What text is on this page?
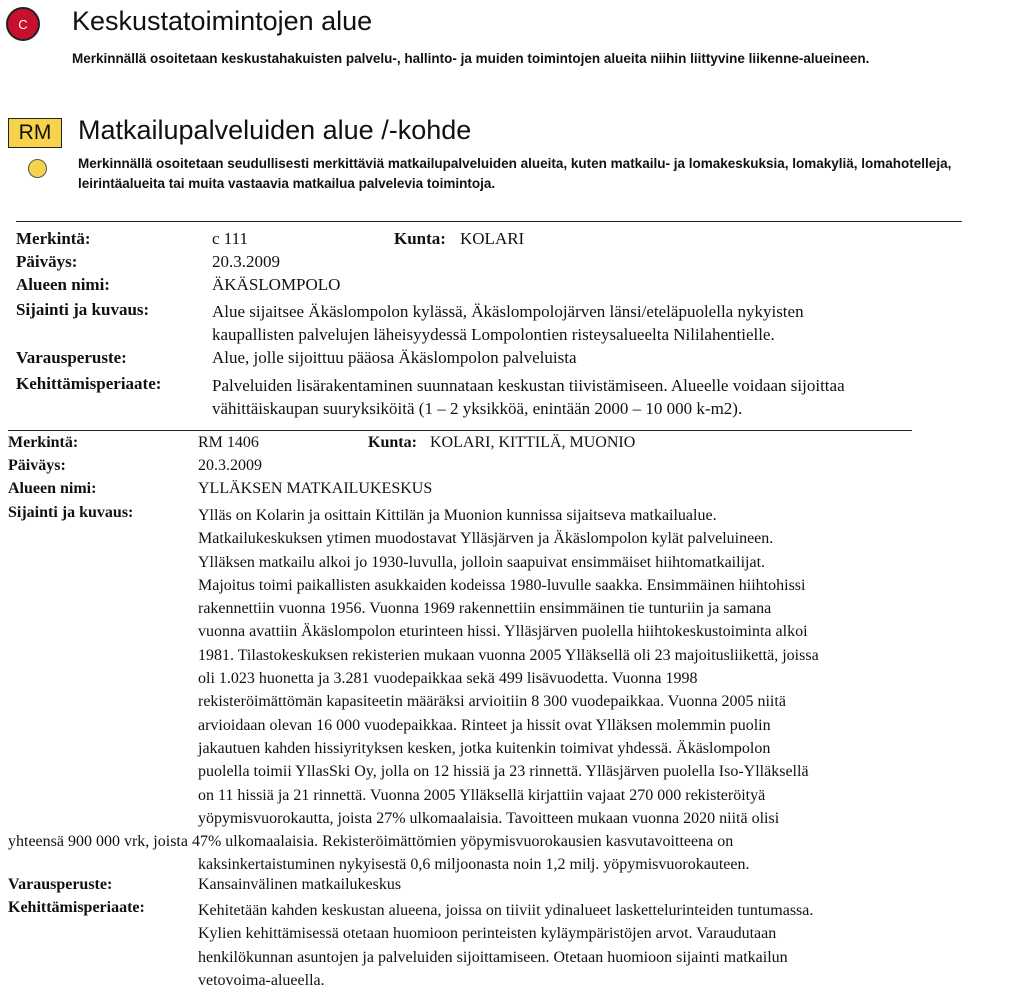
C	Keskustatoimintojen alue
Merkinnällä osoitetaan keskustahakuisten palvelu-, hallinto- ja muiden toimintojen alueita niihin liittyvine liikenne-alueineen.
RM Matkailupalveluiden alue /-kohde
Merkinnällä osoitetaan seudullisesti merkittäviä matkailupalveluiden alueita, kuten matkailu- ja lomakeskuksia, lomakyliä, lomahotelleja, leirintäalueita tai muita vastaavia matkailua palvelevia toimintoja.
Merkintä:	c 111	Kunta: KOLARI
Päiväys:	20.3.2009
Alueen nimi:	ÄKÄSLOMPOLO
Sijainti ja kuvaus:	Alue sijaitsee Äkäslompolon kylässä, Äkäslompolojärven länsi/eteläpuolella nykyisten
kaupallisten palvelujen läheisyydessä Lompolontien risteysalueelta Nililahentielle.
Varausperuste:	Alue, jolle sijoittuu pääosa Äkäslompolon palveluista
Kehittämisperiaate:	Palveluiden lisärakentaminen suunnataan keskustan tiivistämiseen. Alueelle voidaan sijoittaa
vähittäiskaupan suuryksiköitä (1 – 2 yksikköä, enintään 2000 – 10 000 k-m2).
Merkintä:	RM 1406	Kunta: KOLARI, KITTILÄ, MUONIO
Päiväys:	20.3.2009
Alueen nimi:	YLLÄKSEN MATKAILUKESKUS
Sijainti ja kuvaus:	Ylläs on Kolarin ja osittain Kittilän ja Muonion kunnissa sijaitseva matkailualue.
Matkailukeskuksen ytimen muodostavat Ylläsjärven ja Äkäslompolon kylät palveluineen.
Ylläksen matkailu alkoi jo 1930-luvulla, jolloin saapuivat ensimmäiset hiihtomatkailijat.
Majoitus toimi paikallisten asukkaiden kodeissa 1980-luvulle saakka. Ensimmäinen hiihtohissi
rakennettiin vuonna 1956. Vuonna 1969 rakennettiin ensimmäinen tie tunturiin ja samana
vuonna avattiin Äkäslompolon eturinteen hissi. Ylläsjärven puolella hiihtokeskustoiminta alkoi
1981. Tilastokeskuksen rekisterien mukaan vuonna 2005 Ylläksellä oli 23 majoitusliikettä, joissa
oli 1.023 huonetta ja 3.281 vuodepaikkaa sekä 499 lisävuodetta. Vuonna 1998
rekisteröimättömän kapasiteetin määräksi arvioitiin 8 300 vuodepaikkaa. Vuonna 2005 niitä
arvioidaan olevan 16 000 vuodepaikkaa. Rinteet ja hissit ovat Ylläksen molemmin puolin
jakautuen kahden hissiyrityksen kesken, jotka kuitenkin toimivat yhdessä. Äkäslompolon
puolella toimii YllasSki Oy, jolla on 12 hissiä ja 23 rinnettä. Ylläsjärven puolella Iso-Ylläksellä
on 11 hissiä ja 21 rinnettä. Vuonna 2005 Ylläksellä kirjattiin vajaat 270 000 rekisteröityä
yöpymisvuorokautta, joista 27% ulkomaalaisia. Tavoitteen mukaan vuonna 2020 niitä olisi
yhteensä 900 000 vrk, joista 47% ulkomaalaisia. Rekisteröimättömien yöpymisvuorokausien kasvutavoitteena on
kaksinkertaistuminen nykyisestä 0,6 miljoonasta noin 1,2 milj. yöpymisvuorokauteen.
Varausperuste:	Kansainvälinen matkailukeskus
Kehittämisperiaate:	Kehitetään kahden keskustan alueena, joissa on tiiviit ydinalueet laskettelurinteiden tuntumassa.
Kylien kehittämisessä otetaan huomioon perinteisten kyläympäristöjen arvot. Varaudutaan
henkilökunnan asuntojen ja palveluiden sijoittamiseen. Otetaan huomioon sijainti matkailun
vetovoima-alueella.
